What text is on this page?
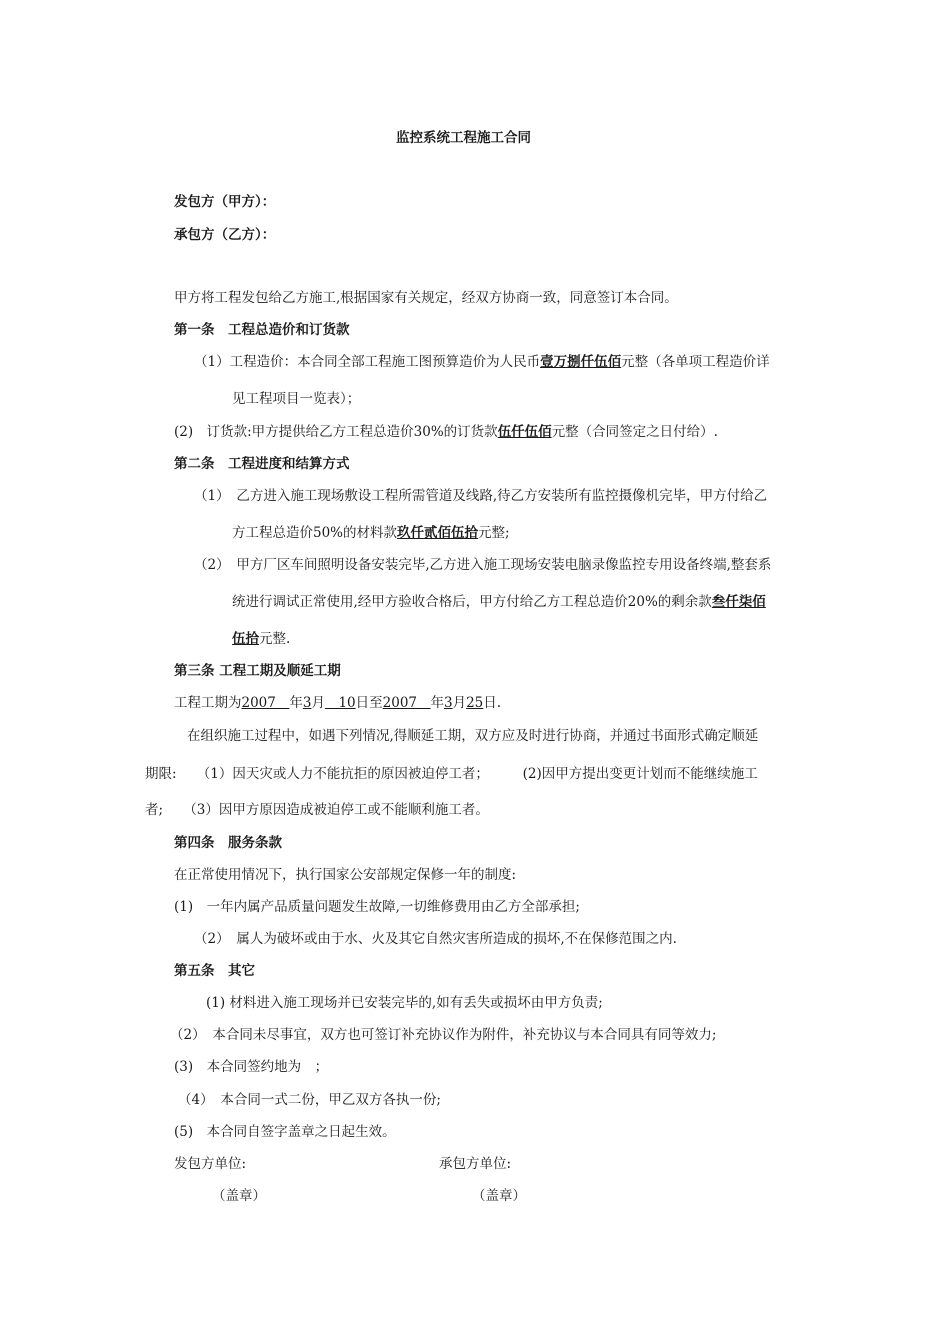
监控系统工程施工合同
发包方（甲方）：
承包方（乙方）：
甲方将工程发包给乙方施工,根据国家有关规定，经双方协商一致，同意签订本合同。
第一条　工程总造价和订货款
（1）工程造价：本合同全部工程施工图预算造价为人民币壹万捌仟伍佰元整（各单项工程造价详
见工程项目一览表）；
(2)　订货款:甲方提供给乙方工程总造价30%的订货款伍仟伍佰元整（合同签定之日付给）.
第二条　工程进度和结算方式
（1）　乙方进入施工现场敷设工程所需管道及线路,待乙方安装所有监控摄像机完毕，甲方付给乙
方工程总造价50%的材料款玖仟贰佰伍拾元整;
（2）　甲方厂区车间照明设备安装完毕,乙方进入施工现场安装电脑录像监控专用设备终端,整套系
统进行调试正常使用,经甲方验收合格后，甲方付给乙方工程总造价20%的剩余款叁仟柒佰
伍拾元整.
第三条 工程工期及顺延工期
工程工期为2007　年3月　10日至2007　年3月25日.
在组织施工过程中，如遇下列情况,得顺延工期，双方应及时进行协商，并通过书面形式确定顺延
期限:　　（1）因天灾或人力不能抗拒的原因被迫停工者；　　　(2)因甲方提出变更计划而不能继续施工
者;　　（3）因甲方原因造成被迫停工或不能顺利施工者。
第四条　服务条款
在正常使用情况下，执行国家公安部规定保修一年的制度:
(1)　一年内属产品质量问题发生故障,一切维修费用由乙方全部承担;
（2）　属人为破坏或由于水、火及其它自然灾害所造成的损坏,不在保修范围之内.
第五条　其它
(1) 材料进入施工现场并已安装完毕的,如有丢失或损坏由甲方负责;
（2）　本合同未尽事宜，双方也可签订补充协议作为附件，补充协议与本合同具有同等效力;
(3)　本合同签约地为　；
（4）　本合同一式二份，甲乙双方各执一份;
(5)　本合同自签字盖章之日起生效。
发包方单位:	承包方单位:
（盖章）	（盖章）
